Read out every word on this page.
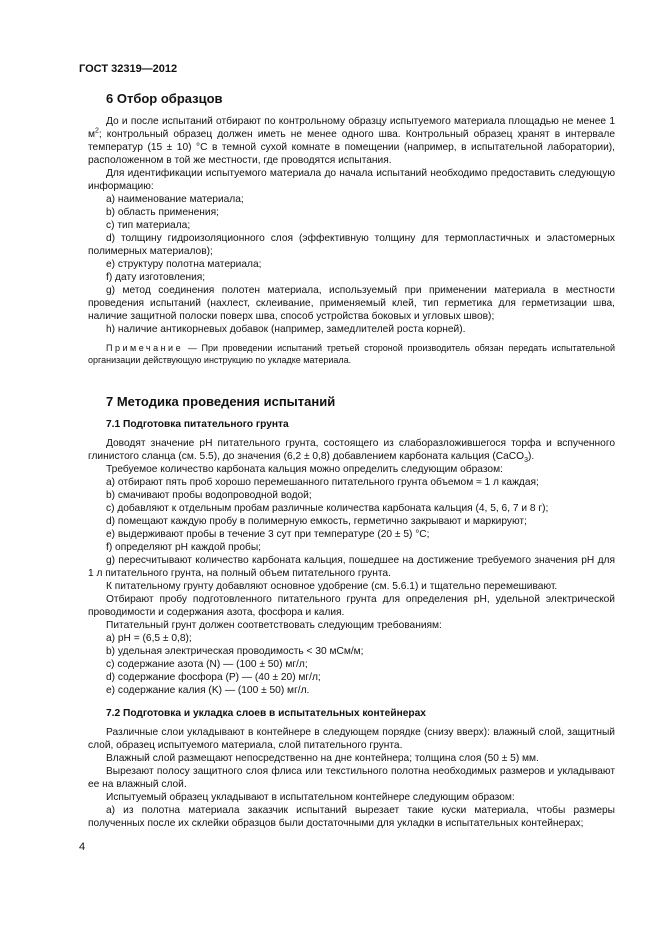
ГОСТ 32319—2012
6 Отбор образцов

До и после испытаний отбирают по контрольному образцу испытуемого материала площадью не менее 1 $м^2$; контрольный образец должен иметь не менее одного шва. Контрольный образец хранят в интервале температур (15 ± 10) °C в темной сухой комнате в помещении (например, в испытательной лаборатории), расположенном в той же местности, где проводятся испытания.

Для идентификации испытуемого материала до начала испытаний необходимо предоставить следующую информацию:

a) наименование материала;

b) область применения;

c) тип материала;

d) толщину гидроизоляционного слоя (эффективную толщину для термопластичных и эластомерных полимерных материалов);

e) структуру полотна материала;

f) дату изготовления;

g) метод соединения полотен материала, используемый при применении материала в местности проведения испытаний (нахлест, склеивание, применяемый клей, тип герметика для герметизации шва, наличие защитной полоски поверх шва, способ устройства боковых и угловых швов);

h) наличие антикорневых добавок (например, замедлителей роста корней).

Примечание — При проведении испытаний третьей стороной производитель обязан передать испытательной организации действующую инструкцию по укладке материала.

7 Методика проведения испытаний
7.1 Подготовка питательного грунта

Доводят значение pH питательного грунта, состоящего из слаборазложившегося торфа и вспученного глинистого сланца (см. 5.5), до значения (6,2 ± 0,8) добавлением карбоната кальция (CaCO$_3$).

Требуемое количество карбоната кальция можно определить следующим образом:

a) отбирают пять проб хорошо перемешанного питательного грунта объемом ≈ 1 л каждая;

b) смачивают пробы водопроводной водой;

c) добавляют к отдельным пробам различные количества карбоната кальция (4, 5, 6, 7 и 8 г);

d) помещают каждую пробу в полимерную емкость, герметично закрывают и маркируют;

e) выдерживают пробы в течение 3 сут при температуре (20 ± 5) °C;

f) определяют pH каждой пробы;

g) пересчитывают количество карбоната кальция, пошедшее на достижение требуемого значения pH для 1 л питательного грунта, на полный объем питательного грунта.

К питательному грунту добавляют основное удобрение (см. 5.6.1) и тщательно перемешивают.

Отбирают пробу подготовленного питательного грунта для определения pH, удельной электрической проводимости и содержания азота, фосфора и калия.

Питательный грунт должен соответствовать следующим требованиям:

a) pH = (6,5 ± 0,8);

b) удельная электрическая проводимость < 30 мСм/м;

c) содержание азота (N) — (100 ± 50) мг/л;

d) содержание фосфора (P) — (40 ± 20) мг/л;

e) содержание калия (K) — (100 ± 50) мг/л.

7.2 Подготовка и укладка слоев в испытательных контейнерах

Различные слои укладывают в контейнере в следующем порядке (снизу вверх): влажный слой, защитный слой, образец испытуемого материала, слой питательного грунта.

Влажный слой размещают непосредственно на дне контейнера; толщина слоя (50 ± 5) мм.

Вырезают полосу защитного слоя флиса или текстильного полотна необходимых размеров и укладывают ее на влажный слой.

Испытуемый образец укладывают в испытательном контейнере следующим образом:

a) из полотна материала заказчик испытаний вырезает такие куски материала, чтобы размеры полученных после их склейки образцов были достаточными для укладки в испытательных контейнерах;

4
